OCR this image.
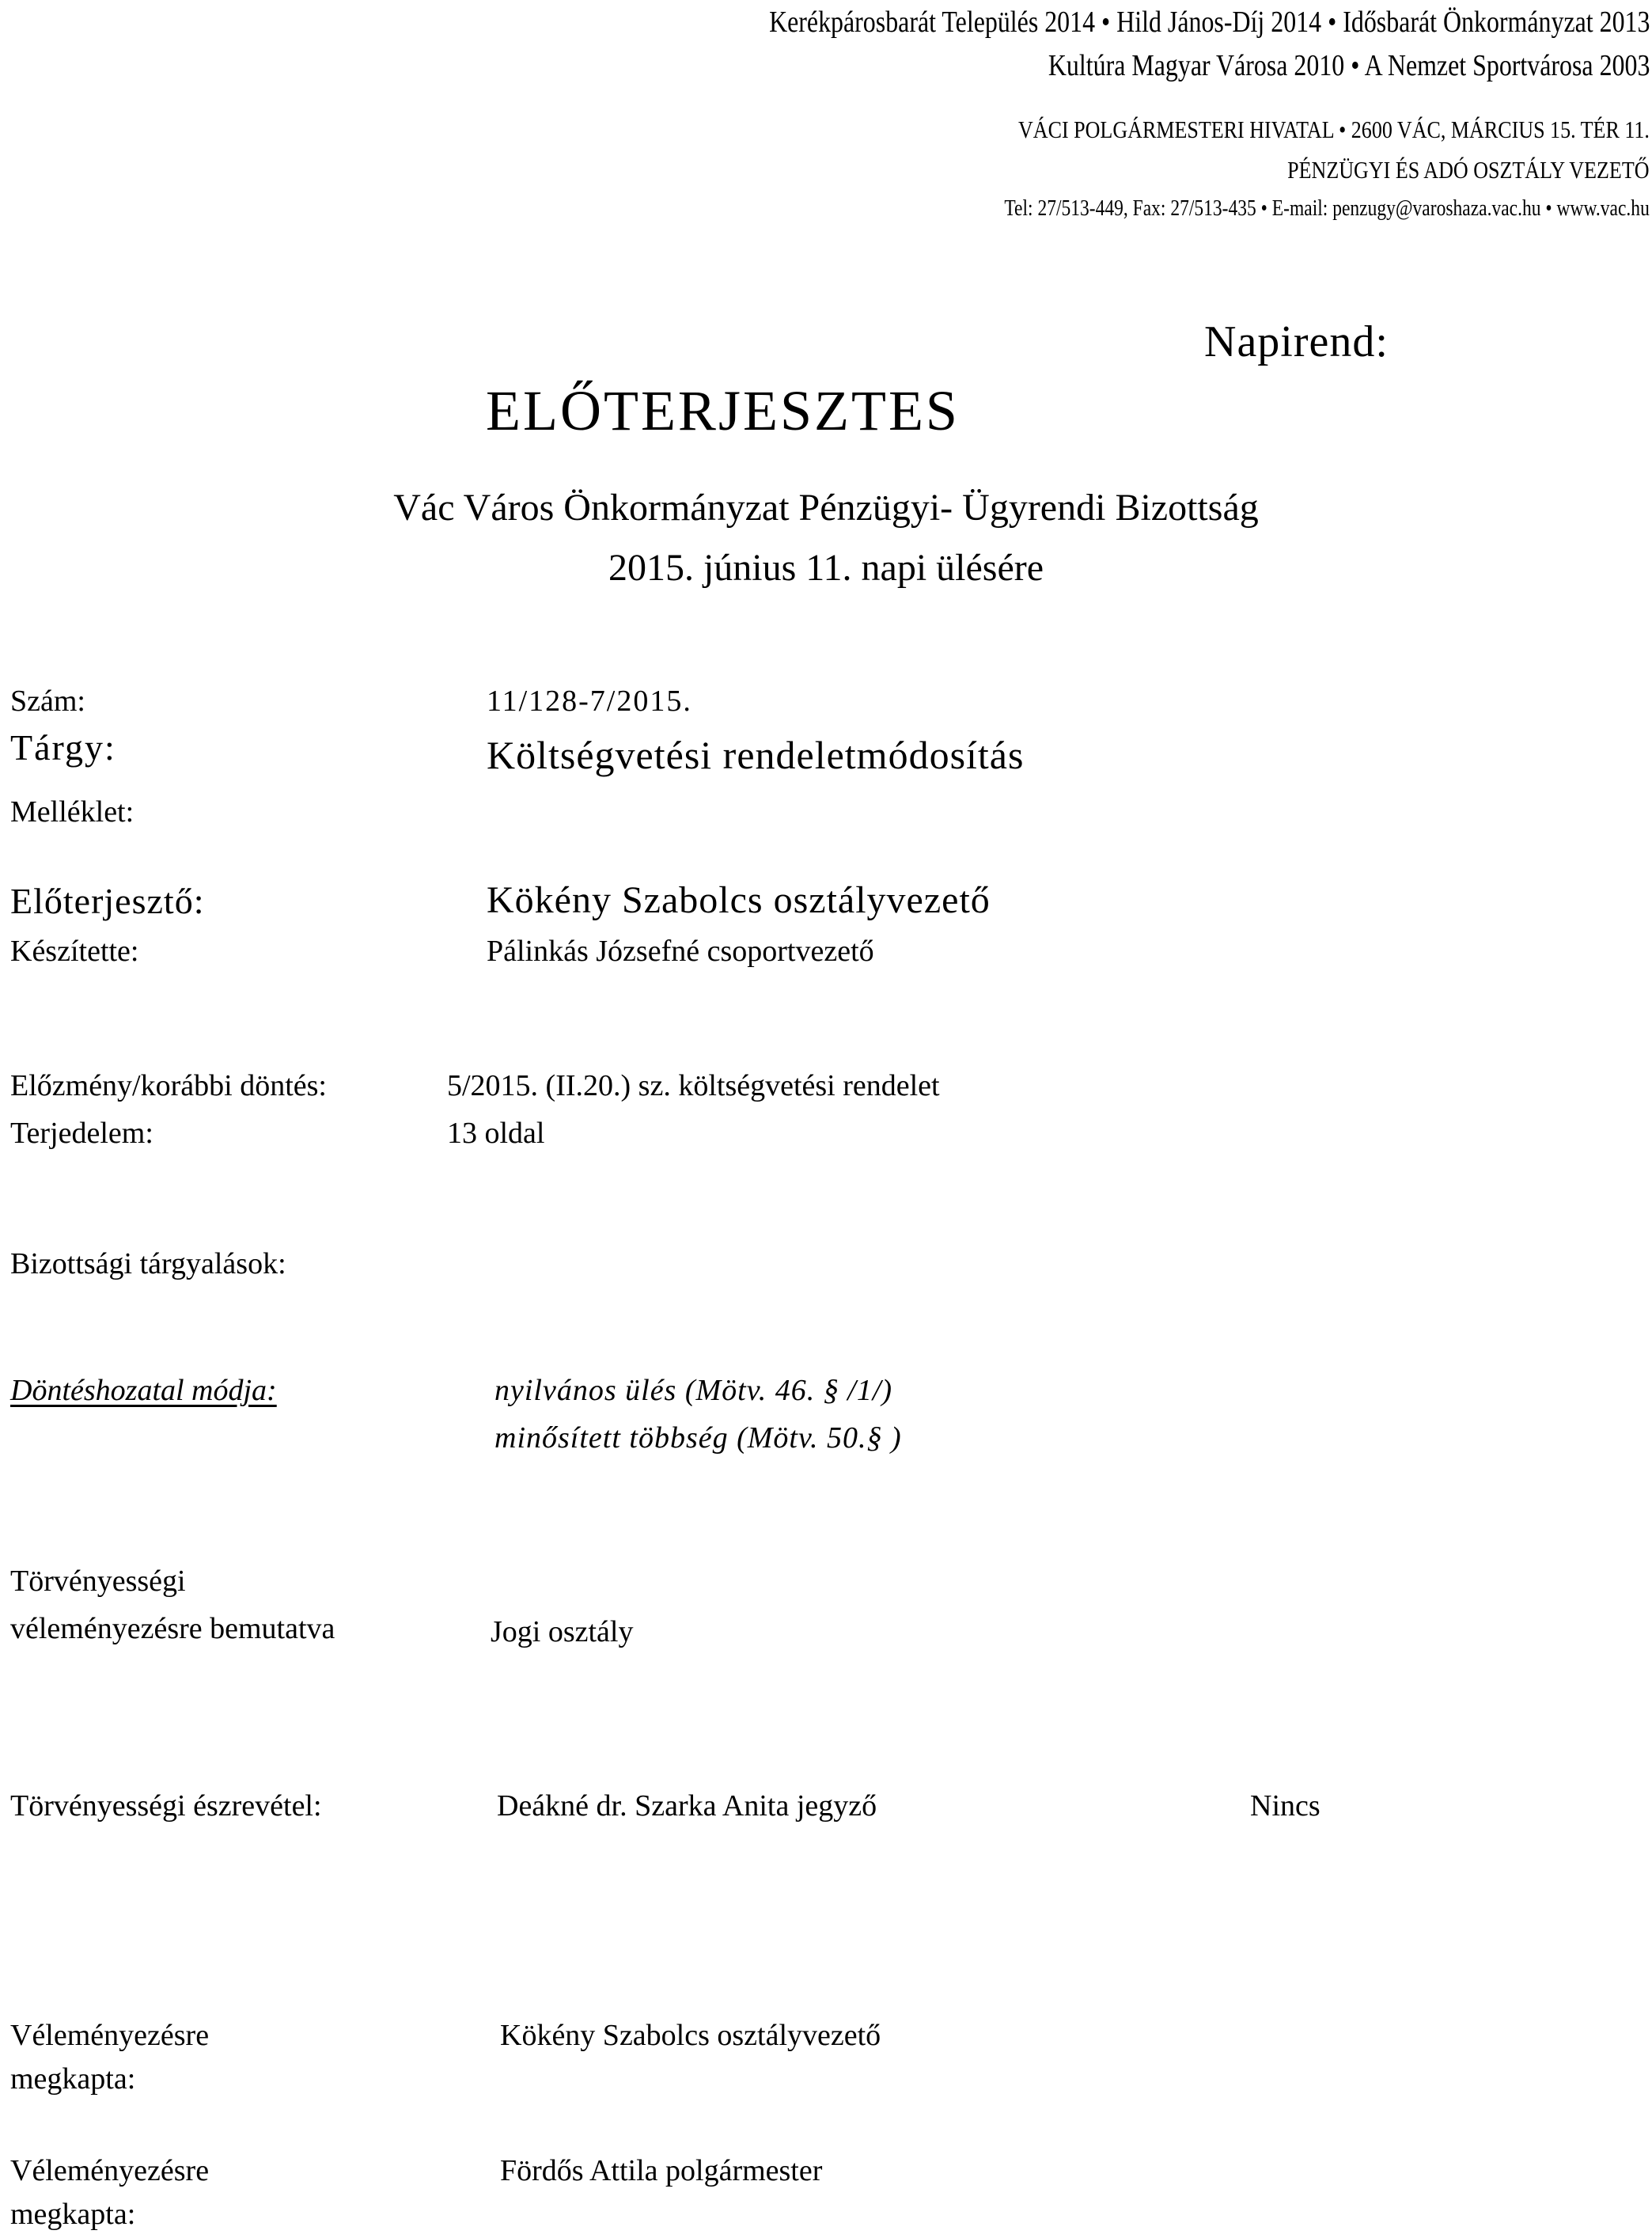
Kerékpárosbarát Település 2014 • Hild János-Díj 2014 • Idősbarát Önkormányzat 2013
Kultúra Magyar Városa 2010 • A Nemzet Sportvárosa 2003
VÁCI POLGÁRMESTERI HIVATAL • 2600 VÁC, MÁRCIUS 15. TÉR 11.
PÉNZÜGYI ÉS ADÓ OSZTÁLY VEZETŐ
Tel: 27/513-449, Fax: 27/513-435 • E-mail: penzugy@varoshaza.vac.hu • www.vac.hu
ELŐTERJESZTES
Napirend:
Vác Város Önkormányzat Pénzügyi- Ügyrendi Bizottság
2015. június 11. napi ülésére
Szám:	11/128-7/2015.
Tárgy:	Költségvetési rendeletmódosítás
Melléklet:
Előterjesztő:	Kökény Szabolcs osztályvezető
Készítette:	Pálinkás Józsefné csoportvezető
Előzmény/korábbi döntés:	5/2015. (II.20.) sz. költségvetési rendelet
Terjedelem:	13 oldal
Bizottsági tárgyalások:
Döntéshozatal módja:	nyilvános ülés (Mötv. 46. § /1/)
minősített többség (Mötv. 50.§ )
Törvényességi
véleményezésre bemutatva	Jogi osztály
Törvényességi észrevétel:	Deákné dr. Szarka Anita jegyző	Nincs
Véleményezésre
megkapta:
Kökény Szabolcs osztályvezető
Véleményezésre
megkapta:
Fördős Attila polgármester
